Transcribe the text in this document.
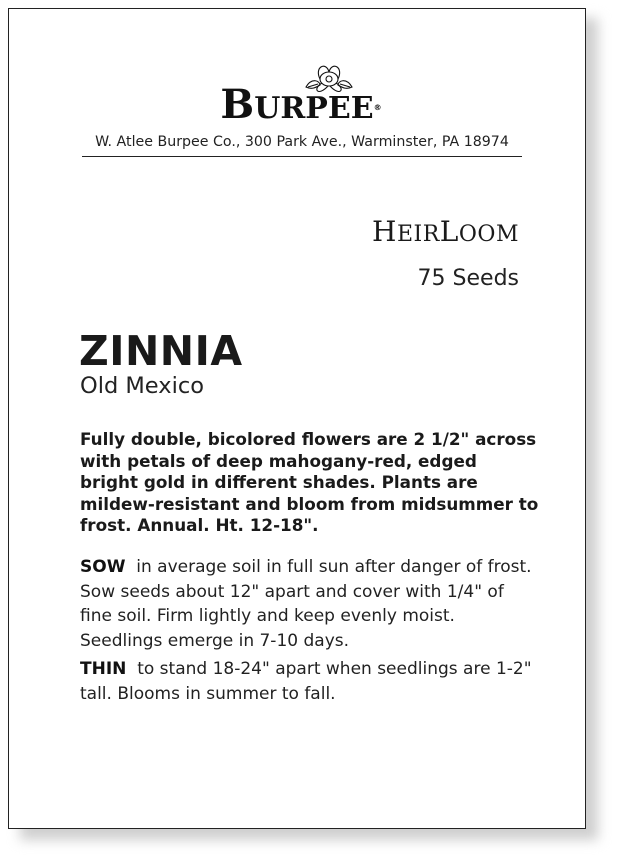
BURPEE®
W. Atlee Burpee Co., 300 Park Ave., Warminster, PA 18974
HEIRLOOM
75 Seeds
ZINNIA
Old Mexico
Fully double, bicolored flowers are 2 1/2" across with petals of deep mahogany-red, edged bright gold in different shades. Plants are mildew-resistant and bloom from midsummer to frost. Annual. Ht. 12-18".
SOW in average soil in full sun after danger of frost. Sow seeds about 12" apart and cover with 1/4" of fine soil. Firm lightly and keep evenly moist. Seedlings emerge in 7-10 days.
THIN to stand 18-24" apart when seedlings are 1-2" tall. Blooms in summer to fall.
